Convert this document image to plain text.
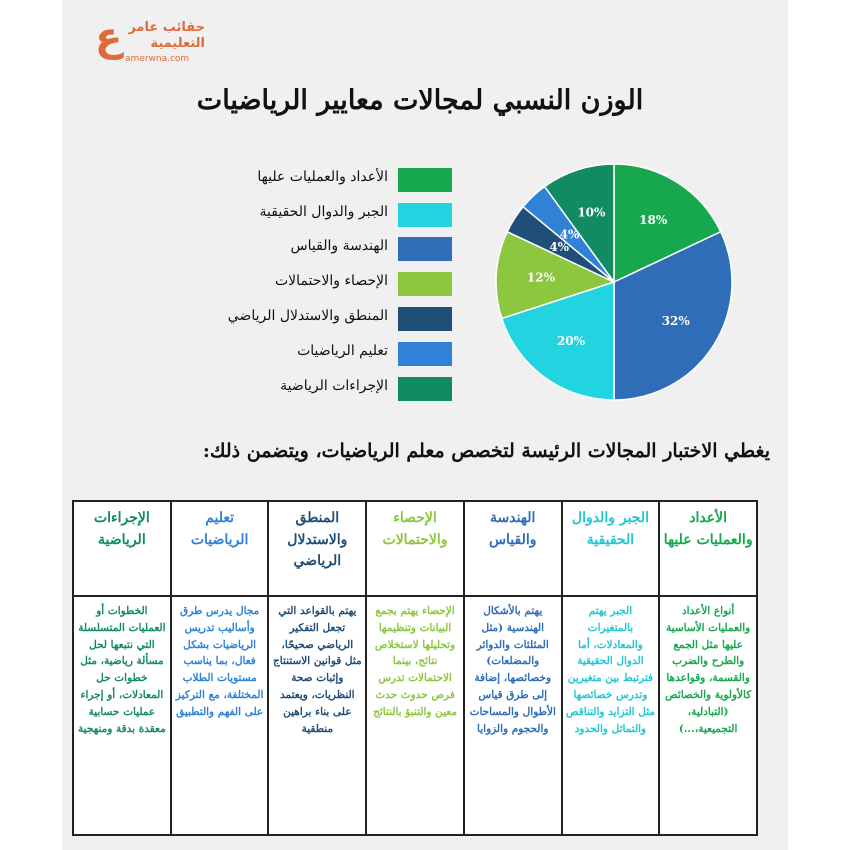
ع حقائب عامر
التعليمية
amerwna.com
الوزن النسبي لمجالات معايير الرياضيات
الأعداد والعمليات عليها
الجبر والدوال الحقيقية
الهندسة والقياس
الإحصاء والاحتمالات
المنطق والاستدلال الرياضي
تعليم الرياضيات
الإجراءات الرياضية
18%
32%
20%
12%
4%
4%
10%
يغطي الاختبار المجالات الرئيسة لتخصص معلم الرياضيات، ويتضمن ذلك:
الأعداد والعمليات عليها	الجبر والدوال الحقيقية	الهندسة والقياس	الإحصاء والاحتمالات	المنطق والاستدلال الرياضي	تعليم الرياضيات	الإجراءات الرياضية
أنواع الأعداد والعمليات الأساسية عليها مثل الجمع والطرح والضرب والقسمة، وقواعدها كالأولوية والخصائص (التبادلية، التجميعية،...)	الجبر يهتم بالمتغيرات والمعادلات، أما الدوال الحقيقية فترتبط بين متغيرين وتدرس خصائصها مثل التزايد والتناقص والتماثل والحدود	يهتم بالأشكال الهندسية (مثل المثلثات والدوائر والمضلعات) وخصائصها، إضافة إلى طرق قياس الأطوال والمساحات والحجوم والزوايا	الإحصاء يهتم بجمع البيانات وتنظيمها وتحليلها لاستخلاص نتائج، بينما الاحتمالات تدرس فرص حدوث حدث معين والتنبؤ بالنتائج	يهتم بالقواعد التي تجعل التفكير الرياضي صحيحًا، مثل قوانين الاستنتاج وإثبات صحة النظريات، ويعتمد على بناء براهين منطقية	مجال يدرس طرق وأساليب تدريس الرياضيات بشكل فعال، بما يناسب مستويات الطلاب المختلفة، مع التركيز على الفهم والتطبيق	الخطوات أو العمليات المتسلسلة التي نتبعها لحل مسألة رياضية، مثل خطوات حل المعادلات، أو إجراء عمليات حسابية معقدة بدقة ومنهجية
